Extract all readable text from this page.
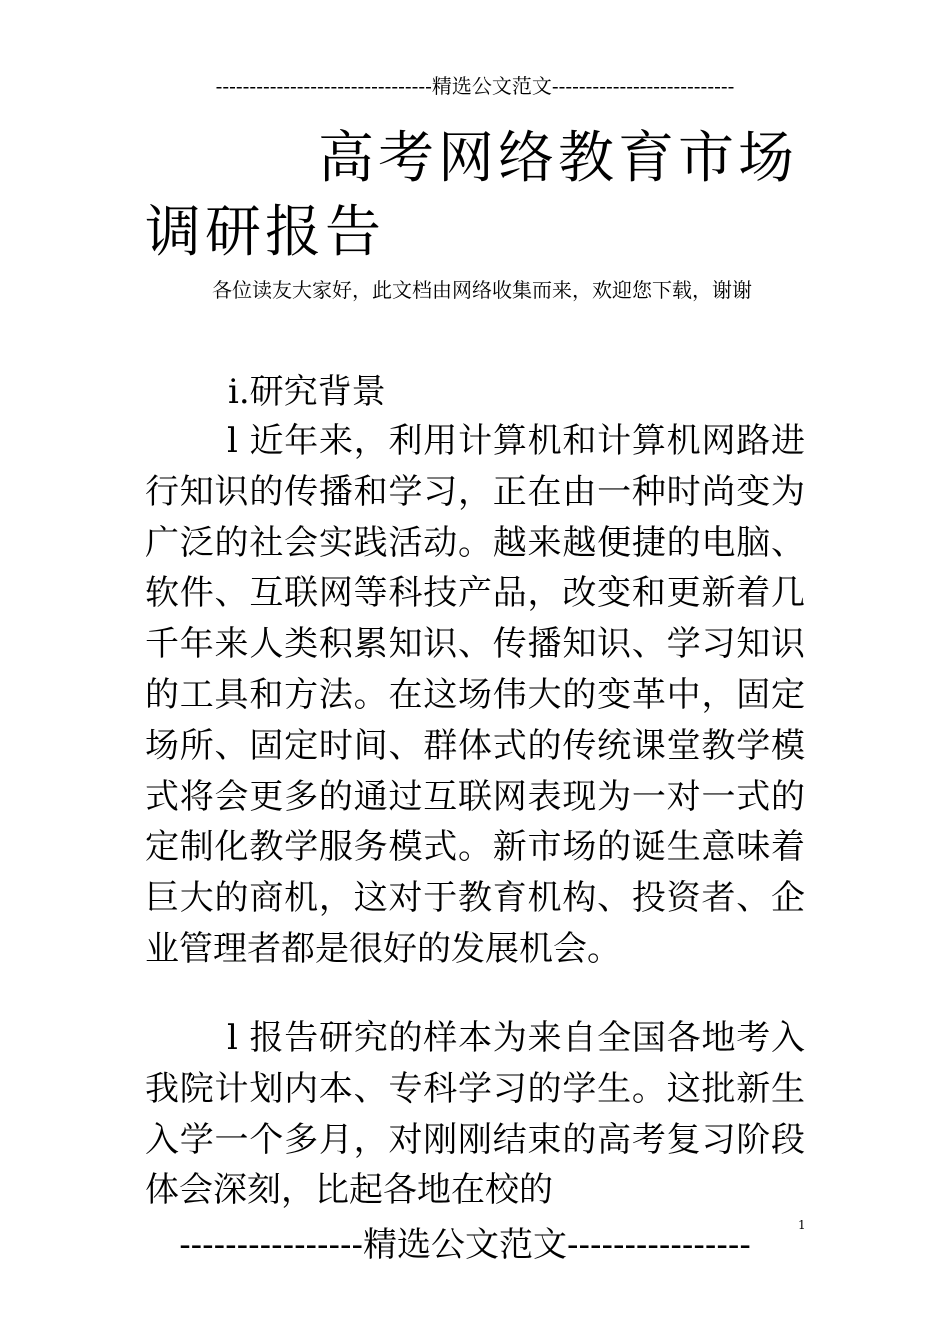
--------------------------------精选公文范文---------------------------
高考网络教育市场
调研报告
各位读友大家好，此文档由网络收集而来，欢迎您下载，谢谢
ⅰ.研究背景

l 近年来，利用计算机和计算机网路进行知识的传播和学习，正在由一种时尚变为广泛的社会实践活动。越来越便捷的电脑、软件、互联网等科技产品，改变和更新着几千年来人类积累知识、传播知识、学习知识的工具和方法。在这场伟大的变革中，固定场所、固定时间、群体式的传统课堂教学模式将会更多的通过互联网表现为一对一式的定制化教学服务模式。新市场的诞生意味着巨大的商机，这对于教育机构、投资者、企业管理者都是很好的发展机会。

l 报告研究的样本为来自全国各地考入我院计划内本、专科学习的学生。这批新生入学一个多月，对刚刚结束的高考复习阶段体会深刻，比起各地在校的

1
----------------精选公文范文----------------
